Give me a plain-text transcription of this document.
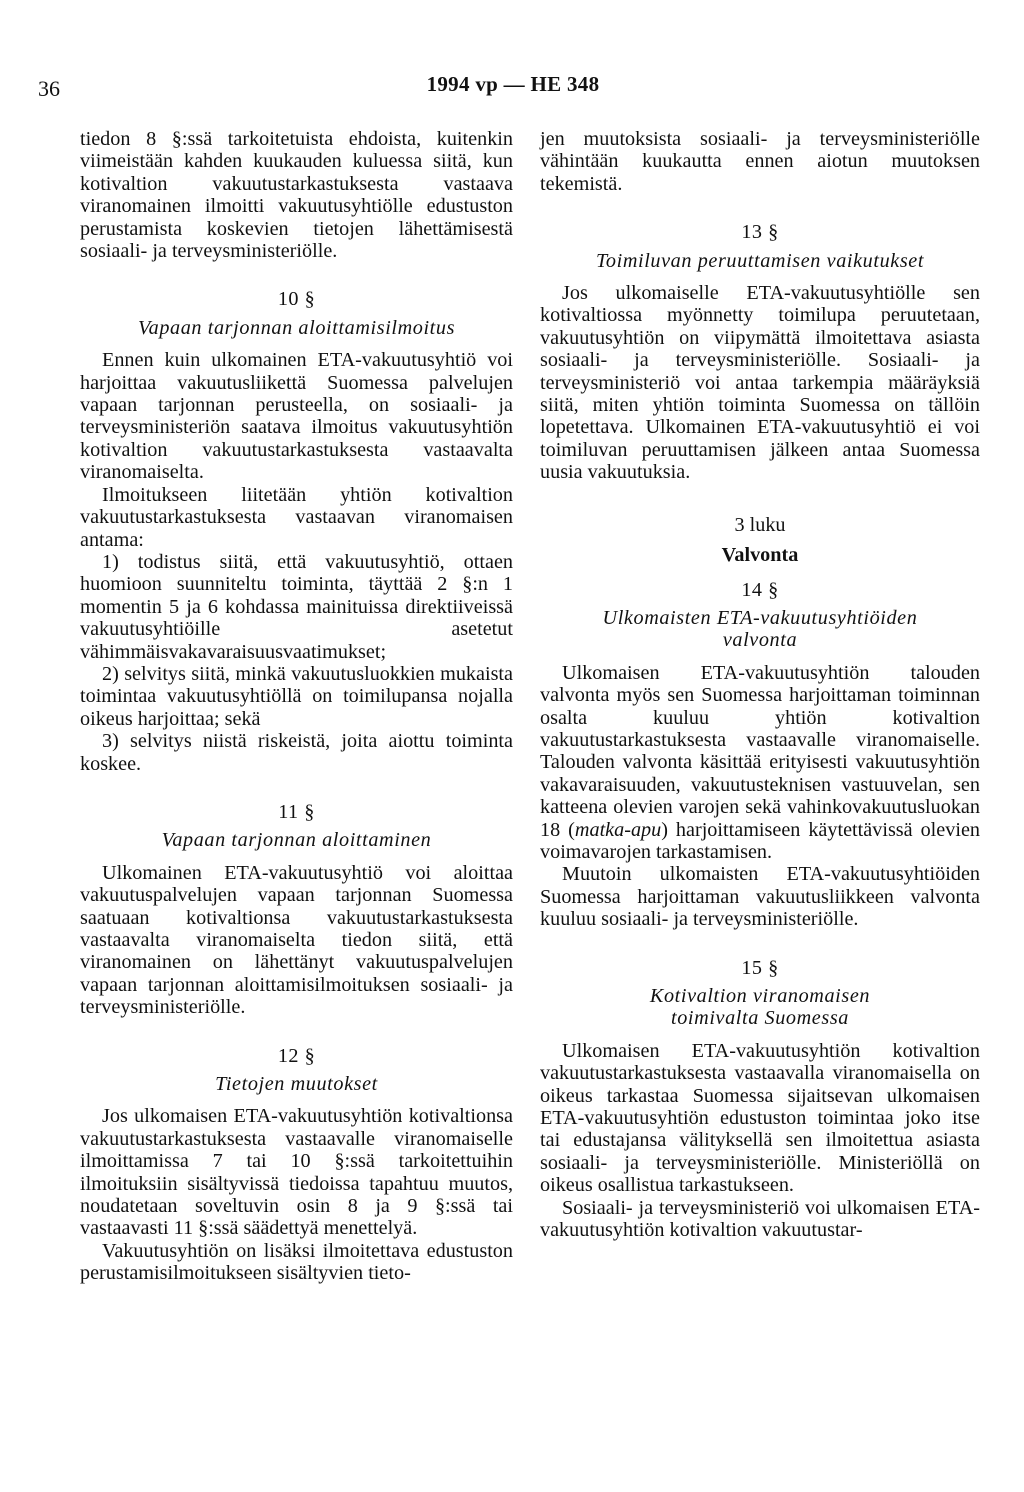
36	1994 vp — HE 348

tiedon 8 §:ssä tarkoitetuista ehdoista, kuitenkin viimeistään kahden kuukauden kuluessa siitä, kun kotivaltion vakuutustarkastuksesta vastaava viranomainen ilmoitti vakuutusyhtiölle edustuston perustamista koskevien tietojen lähettämisestä sosiaali- ja terveysministeriölle.

10 §
Vapaan tarjonnan aloittamisilmoitus

Ennen kuin ulkomainen ETA-vakuutusyhtiö voi harjoittaa vakuutusliikettä Suomessa palvelujen vapaan tarjonnan perusteella, on sosiaali- ja terveysministeriön saatava ilmoitus vakuutusyhtiön kotivaltion vakuutustarkastuksesta vastaavalta viranomaiselta.

Ilmoitukseen liitetään yhtiön kotivaltion vakuutustarkastuksesta vastaavan viranomaisen antama:

1) todistus siitä, että vakuutusyhtiö, ottaen huomioon suunniteltu toiminta, täyttää 2 §:n 1 momentin 5 ja 6 kohdassa mainituissa direktiiveissä vakuutusyhtiöille asetetut vähimmäisvakavaraisuusvaatimukset;

2) selvitys siitä, minkä vakuutusluokkien mukaista toimintaa vakuutusyhtiöllä on toimilupansa nojalla oikeus harjoittaa; sekä

3) selvitys niistä riskeistä, joita aiottu toiminta koskee.

11 §
Vapaan tarjonnan aloittaminen

Ulkomainen ETA-vakuutusyhtiö voi aloittaa vakuutuspalvelujen vapaan tarjonnan Suomessa saatuaan kotivaltionsa vakuutustarkastuksesta vastaavalta viranomaiselta tiedon siitä, että viranomainen on lähettänyt vakuutuspalvelujen vapaan tarjonnan aloittamisilmoituksen sosiaali- ja terveysministeriölle.

12 §
Tietojen muutokset

Jos ulkomaisen ETA-vakuutusyhtiön kotivaltionsa vakuutustarkastuksesta vastaavalle viranomaiselle ilmoittamissa 7 tai 10 §:ssä tarkoitettuihin ilmoituksiin sisältyvissä tiedoissa tapahtuu muutos, noudatetaan soveltuvin osin 8 ja 9 §:ssä tai vastaavasti 11 §:ssä säädettyä menettelyä.

Vakuutusyhtiön on lisäksi ilmoitettava edustuston perustamisilmoitukseen sisältyvien tieto-

jen muutoksista sosiaali- ja terveysministeriölle vähintään kuukautta ennen aiotun muutoksen tekemistä.

13 §
Toimiluvan peruuttamisen vaikutukset

Jos ulkomaiselle ETA-vakuutusyhtiölle sen kotivaltiossa myönnetty toimilupa peruutetaan, vakuutusyhtiön on viipymättä ilmoitettava asiasta sosiaali- ja terveysministeriölle. Sosiaali- ja terveysministeriö voi antaa tarkempia määräyksiä siitä, miten yhtiön toiminta Suomessa on tällöin lopetettava. Ulkomainen ETA-vakuutusyhtiö ei voi toimiluvan peruuttamisen jälkeen antaa Suomessa uusia vakuutuksia.

3 luku
Valvonta
14 §
Ulkomaisten ETA-vakuutusyhtiöiden
valvonta

Ulkomaisen ETA-vakuutusyhtiön talouden valvonta myös sen Suomessa harjoittaman toiminnan osalta kuuluu yhtiön kotivaltion vakuutustarkastuksesta vastaavalle viranomaiselle. Talouden valvonta käsittää erityisesti vakuutusyhtiön vakavaraisuuden, vakuutusteknisen vastuuvelan, sen katteena olevien varojen sekä vahinkovakuutusluokan 18 (matka-apu) harjoittamiseen käytettävissä olevien voimavarojen tarkastamisen.

Muutoin ulkomaisten ETA-vakuutusyhtiöiden Suomessa harjoittaman vakuutusliikkeen valvonta kuuluu sosiaali- ja terveysministeriölle.

15 §
Kotivaltion viranomaisen
toimivalta Suomessa

Ulkomaisen ETA-vakuutusyhtiön kotivaltion vakuutustarkastuksesta vastaavalla viranomaisella on oikeus tarkastaa Suomessa sijaitsevan ulkomaisen ETA-vakuutusyhtiön edustuston toimintaa joko itse tai edustajansa välityksellä sen ilmoitettua asiasta sosiaali- ja terveysministeriölle. Ministeriöllä on oikeus osallistua tarkastukseen.

Sosiaali- ja terveysministeriö voi ulkomaisen ETA-vakuutusyhtiön kotivaltion vakuutustar-
